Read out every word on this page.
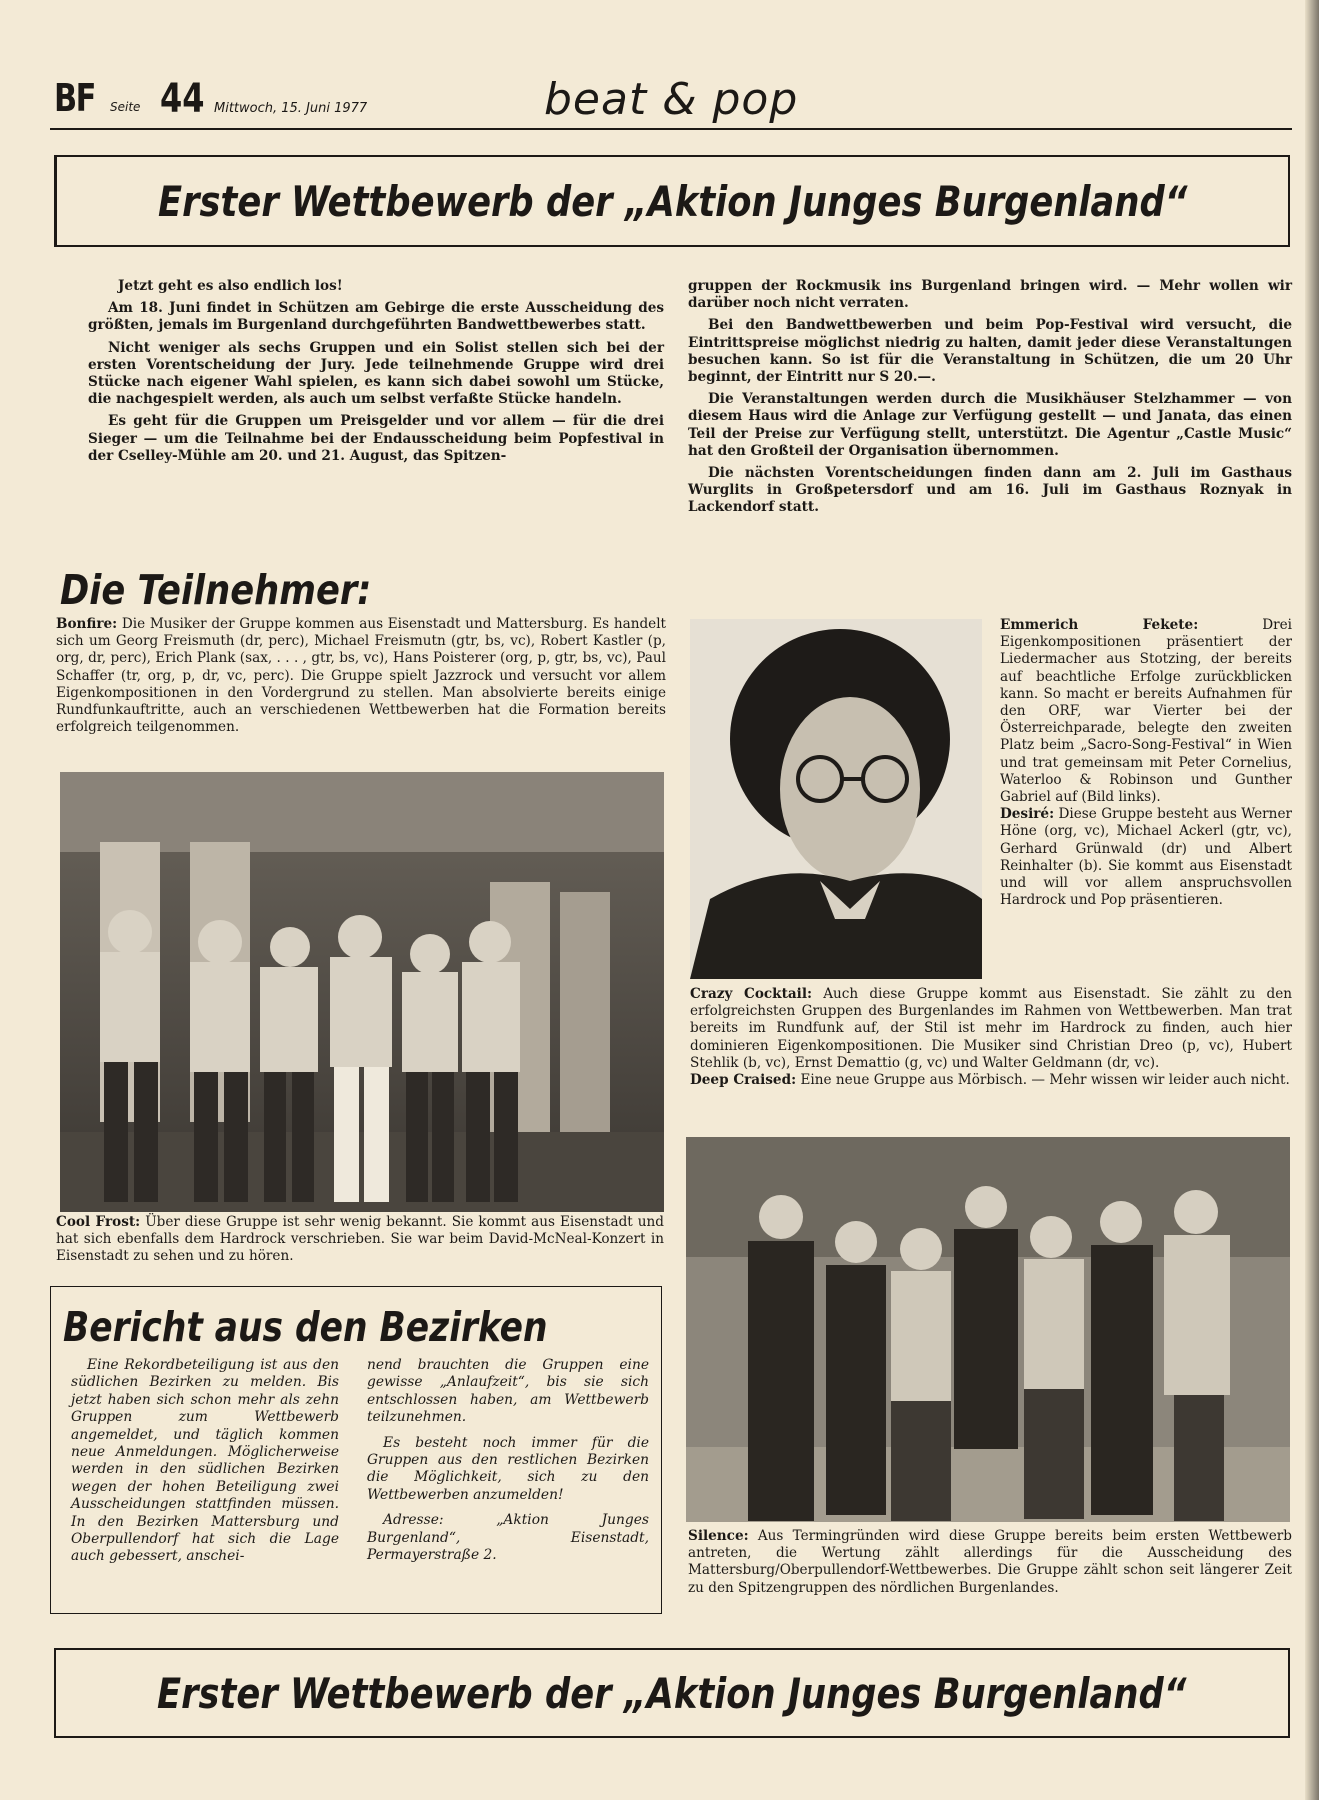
BF Seite 44 Mittwoch, 15. Juni 1977	beat & pop
Erster Wettbewerb der „Aktion Junges Burgenland“

Jetzt geht es also endlich los!

Am 18. Juni findet in Schützen am Gebirge die erste Ausscheidung des größten, jemals im Burgenland durchgeführten Bandwettbewerbes statt.

Nicht weniger als sechs Gruppen und ein Solist stellen sich bei der ersten Vorentscheidung der Jury. Jede teilnehmende Gruppe wird drei Stücke nach eigener Wahl spielen, es kann sich dabei sowohl um Stücke, die nachgespielt werden, als auch um selbst verfaßte Stücke handeln.

Es geht für die Gruppen um Preisgelder und vor allem — für die drei Sieger — um die Teilnahme bei der Endausscheidung beim Popfestival in der Cselley-Mühle am 20. und 21. August, das Spitzen-

gruppen der Rockmusik ins Burgenland bringen wird. — Mehr wollen wir darüber noch nicht verraten.

Bei den Bandwettbewerben und beim Pop-Festival wird versucht, die Eintrittspreise möglichst niedrig zu halten, damit jeder diese Veranstaltungen besuchen kann. So ist für die Veranstaltung in Schützen, die um 20 Uhr beginnt, der Eintritt nur S 20.—.

Die Veranstaltungen werden durch die Musikhäuser Stelzhammer — von diesem Haus wird die Anlage zur Verfügung gestellt — und Janata, das einen Teil der Preise zur Verfügung stellt, unterstützt. Die Agentur „Castle Music“ hat den Großteil der Organisation übernommen.

Die nächsten Vorentscheidungen finden dann am 2. Juli im Gasthaus Wurglits in Großpetersdorf und am 16. Juli im Gasthaus Roznyak in Lackendorf statt.

Die Teilnehmer:
Bonfire: Die Musiker der Gruppe kommen aus Eisenstadt und Mattersburg. Es handelt sich um Georg Freismuth (dr, perc), Michael Freismutn (gtr, bs, vc), Robert Kastler (p, org, dr, perc), Erich Plank (sax, . . . , gtr, bs, vc), Hans Poisterer (org, p, gtr, bs, vc), Paul Schaffer (tr, org, p, dr, vc, perc). Die Gruppe spielt Jazzrock und versucht vor allem Eigenkompositionen in den Vordergrund zu stellen. Man absolvierte bereits einige Rundfunkauftritte, auch an verschiedenen Wettbewerben hat die Formation bereits erfolgreich teilgenommen.
Cool Frost: Über diese Gruppe ist sehr wenig bekannt. Sie kommt aus Eisenstadt und hat sich ebenfalls dem Hardrock verschrieben. Sie war beim David-McNeal-Konzert in Eisenstadt zu sehen und zu hören.
Emmerich Fekete:	Drei Eigenkompositionen präsentiert der Liedermacher aus Stotzing, der bereits auf beachtliche Erfolge zurückblicken kann. So macht er bereits Aufnahmen für den ORF, war Vierter bei der Österreichparade, belegte den zweiten Platz beim „Sacro-Song-Festival“ in Wien und trat gemeinsam mit Peter Cornelius, Waterloo & Robinson und Gunther Gabriel auf (Bild links).
Desiré: Diese Gruppe besteht aus Werner Höne (org, vc), Michael Ackerl (gtr, vc), Gerhard Grünwald (dr) und Albert Reinhalter (b). Sie kommt aus Eisenstadt und will vor allem anspruchsvollen Hardrock und Pop präsentieren.
Crazy Cocktail: Auch diese Gruppe kommt aus Eisenstadt. Sie zählt zu den erfolgreichsten Gruppen des Burgenlandes im Rahmen von Wettbewerben. Man trat bereits im Rundfunk auf, der Stil ist mehr im Hardrock zu finden, auch hier dominieren Eigenkompositionen. Die Musiker sind Christian Dreo (p, vc), Hubert Stehlik (b, vc), Ernst Demattio (g, vc) und Walter Geldmann (dr, vc).
Deep Craised: Eine neue Gruppe aus Mörbisch. — Mehr wissen wir leider auch nicht.
Silence: Aus Termingründen wird diese Gruppe bereits beim ersten Wettbewerb antreten, die Wertung zählt allerdings für die Ausscheidung des Mattersburg/Oberpullendorf-Wettbewerbes. Die Gruppe zählt schon seit längerer Zeit zu den Spitzengruppen des nördlichen Burgenlandes.
Bericht aus den Bezirken

Eine Rekordbeteiligung ist aus den südlichen Bezirken zu melden. Bis jetzt haben sich schon mehr als zehn Gruppen zum Wettbewerb angemeldet, und täglich kommen neue Anmeldungen. Möglicherweise werden in den südlichen Bezirken wegen der hohen Beteiligung zwei Ausscheidungen stattfinden müssen. In den Bezirken Mattersburg und Oberpullendorf hat sich die Lage auch gebessert, anschei-

nend brauchten die Gruppen eine gewisse „Anlaufzeit“, bis sie sich entschlossen haben, am Wettbewerb teilzunehmen.

Es besteht noch immer für die Gruppen aus den restlichen Bezirken die Möglichkeit, sich zu den Wettbewerben anzumelden!

Adresse: „Aktion Junges Burgenland“, Eisenstadt, Permayerstraße 2.

Erster Wettbewerb der „Aktion Junges Burgenland“
